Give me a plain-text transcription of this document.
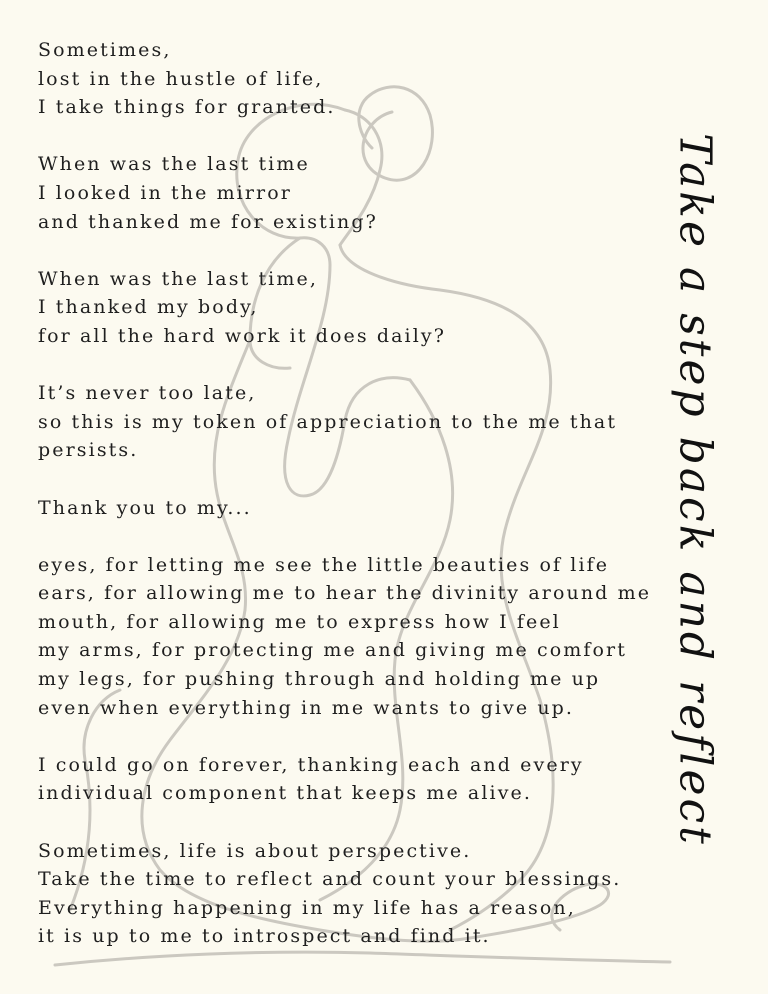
Sometimes,
lost in the hustle of life,
I take things for granted.
When was the last time
I looked in the mirror
and thanked me for existing?
When was the last time,
I thanked my body,
for all the hard work it does daily?
It’s never too late,
so this is my token of appreciation to the me that
persists.
Thank you to my...
eyes, for letting me see the little beauties of life
ears, for allowing me to hear the divinity around me
mouth, for allowing me to express how I feel
my arms, for protecting me and giving me comfort
my legs, for pushing through and holding me up
even when everything in me wants to give up.
I could go on forever, thanking each and every
individual component that keeps me alive.
Sometimes, life is about perspective.
Take the time to reflect and count your blessings.
Everything happening in my life has a reason,
it is up to me to introspect and find it.
Take a step back and reflect
